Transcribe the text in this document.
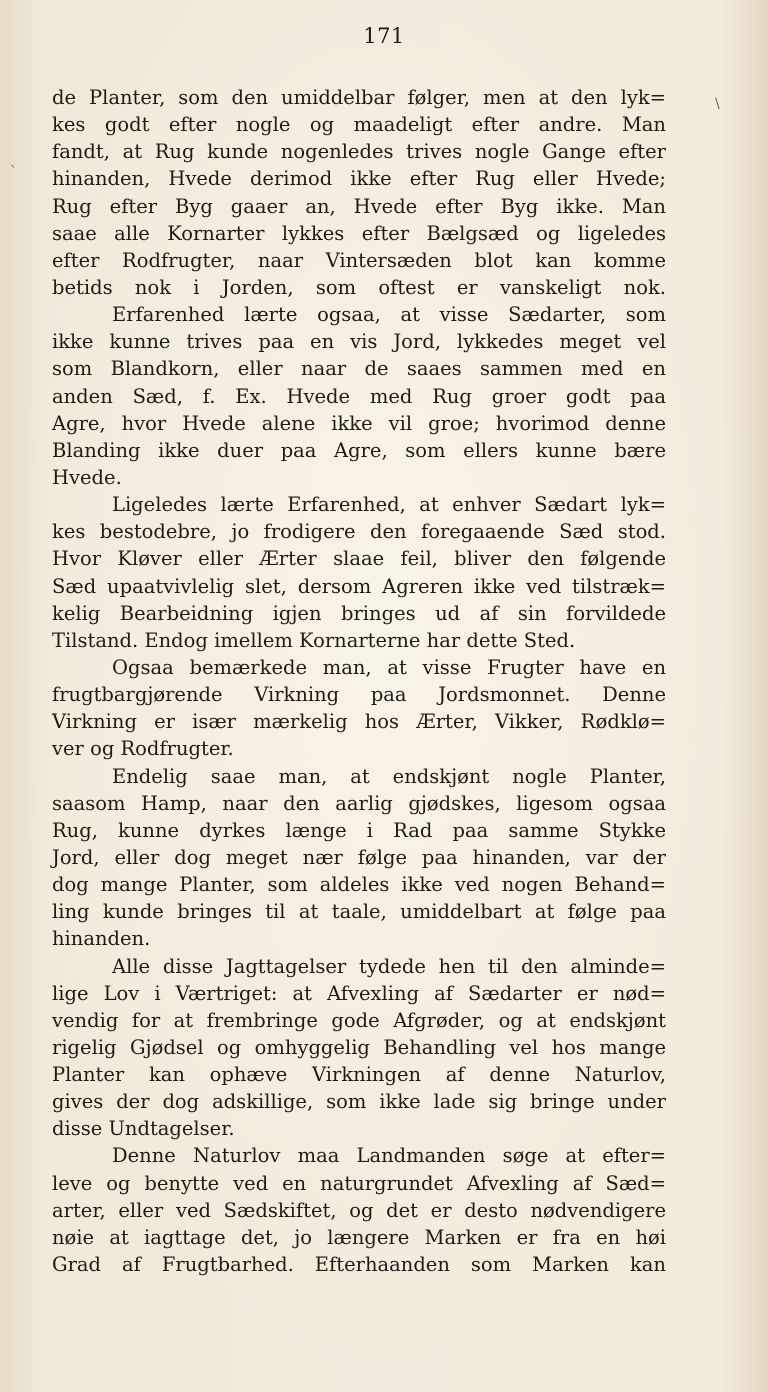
171
\
`
de Planter, som den umiddelbar følger, men at den lyk=
kes godt efter nogle og maadeligt efter andre. Man
fandt, at Rug kunde nogenledes trives nogle Gange efter
hinanden, Hvede derimod ikke efter Rug eller Hvede;
Rug efter Byg gaaer an, Hvede efter Byg ikke. Man
saae alle Kornarter lykkes efter Bælgsæd og ligeledes
efter Rodfrugter, naar Vintersæden blot kan komme
betids nok i Jorden, som oftest er vanskeligt nok.
Erfarenhed lærte ogsaa, at visse Sædarter, som
ikke kunne trives paa en vis Jord, lykkedes meget vel
som Blandkorn, eller naar de saaes sammen med en
anden Sæd, f. Ex. Hvede med Rug groer godt paa
Agre, hvor Hvede alene ikke vil groe; hvorimod denne
Blanding ikke duer paa Agre, som ellers kunne bære
Hvede.
Ligeledes lærte Erfarenhed, at enhver Sædart lyk=
kes bestodebre, jo frodigere den foregaaende Sæd stod.
Hvor Kløver eller Ærter slaae feil, bliver den følgende
Sæd upaatvivlelig slet, dersom Agreren ikke ved tilstræk=
kelig Bearbeidning igjen bringes ud af sin forvildede
Tilstand. Endog imellem Kornarterne har dette Sted.
Ogsaa bemærkede man, at visse Frugter have en
frugtbargjørende Virkning paa Jordsmonnet. Denne
Virkning er især mærkelig hos Ærter, Vikker, Rødklø=
ver og Rodfrugter.
Endelig saae man, at endskjønt nogle Planter,
saasom Hamp, naar den aarlig gjødskes, ligesom ogsaa
Rug, kunne dyrkes længe i Rad paa samme Stykke
Jord, eller dog meget nær følge paa hinanden, var der
dog mange Planter, som aldeles ikke ved nogen Behand=
ling kunde bringes til at taale, umiddelbart at følge paa
hinanden.
Alle disse Jagttagelser tydede hen til den alminde=
lige Lov i Værtriget: at Afvexling af Sædarter er nød=
vendig for at frembringe gode Afgrøder, og at endskjønt
rigelig Gjødsel og omhyggelig Behandling vel hos mange
Planter kan ophæve Virkningen af denne Naturlov,
gives der dog adskillige, som ikke lade sig bringe under
disse Undtagelser.
Denne Naturlov maa Landmanden søge at efter=
leve og benytte ved en naturgrundet Afvexling af Sæd=
arter, eller ved Sædskiftet, og det er desto nødvendigere
nøie at iagttage det, jo længere Marken er fra en høi
Grad af Frugtbarhed. Efterhaanden som Marken kan
